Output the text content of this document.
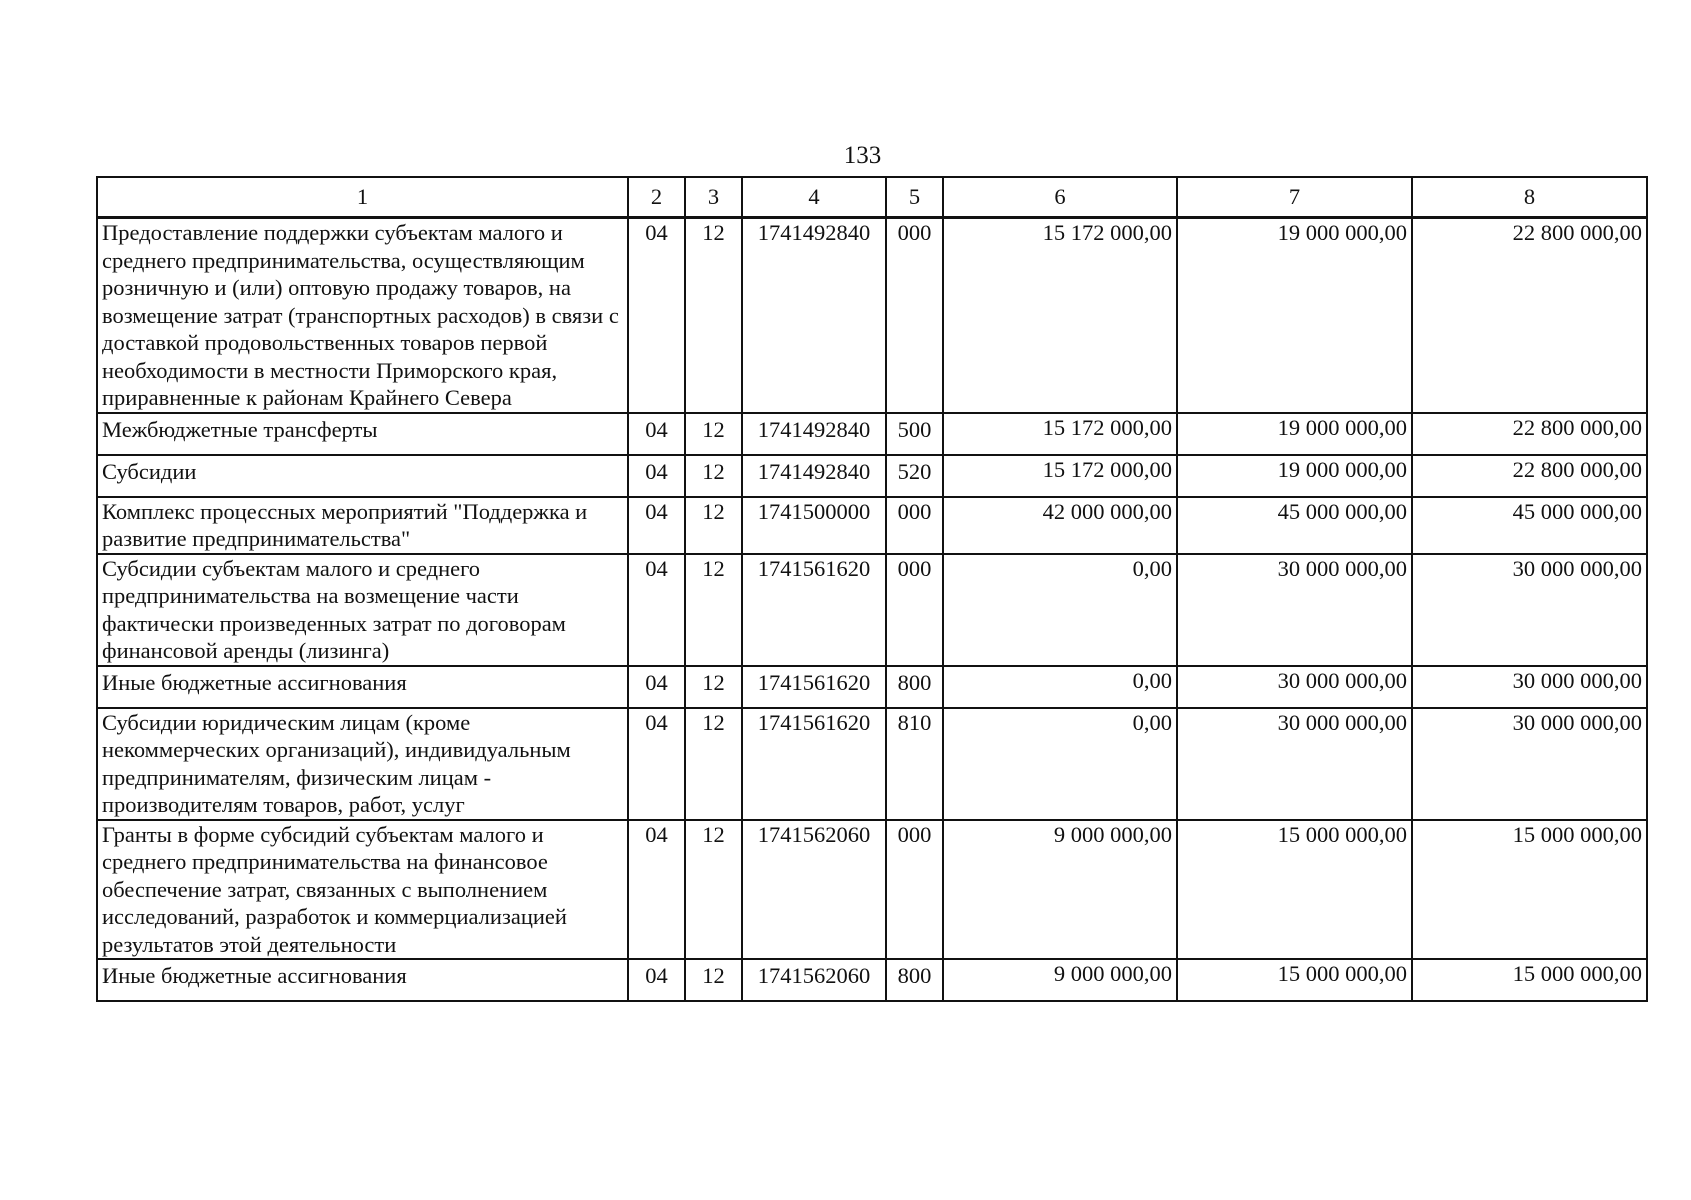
133
1	2	3	4	5	6	7	8
Предоставление поддержки субъектам малого и среднего предпринимательства, осуществляющим розничную и (или) оптовую продажу товаров, на возмещение затрат (транспортных расходов) в связи с доставкой продовольственных товаров первой необходимости в местности Приморского края, приравненные к районам Крайнего Севера	04	12	1741492840	000	15 172 000,00	19 000 000,00	22 800 000,00
Межбюджетные трансферты	04	12	1741492840	500	15 172 000,00	19 000 000,00	22 800 000,00
Субсидии	04	12	1741492840	520	15 172 000,00	19 000 000,00	22 800 000,00
Комплекс процессных мероприятий "Поддержка и развитие предпринимательства"	04	12	1741500000	000	42 000 000,00	45 000 000,00	45 000 000,00
Субсидии субъектам малого и среднего предпринимательства на возмещение части фактически произведенных затрат по договорам финансовой аренды (лизинга)	04	12	1741561620	000	0,00	30 000 000,00	30 000 000,00
Иные бюджетные ассигнования	04	12	1741561620	800	0,00	30 000 000,00	30 000 000,00
Субсидии юридическим лицам (кроме некоммерческих организаций), индивидуальным предпринимателям, физическим лицам - производителям товаров, работ, услуг	04	12	1741561620	810	0,00	30 000 000,00	30 000 000,00
Гранты в форме субсидий субъектам малого и среднего предпринимательства на финансовое обеспечение затрат, связанных с выполнением исследований, разработок и коммерциализацией результатов этой деятельности	04	12	1741562060	000	9 000 000,00	15 000 000,00	15 000 000,00
Иные бюджетные ассигнования	04	12	1741562060	800	9 000 000,00	15 000 000,00	15 000 000,00
